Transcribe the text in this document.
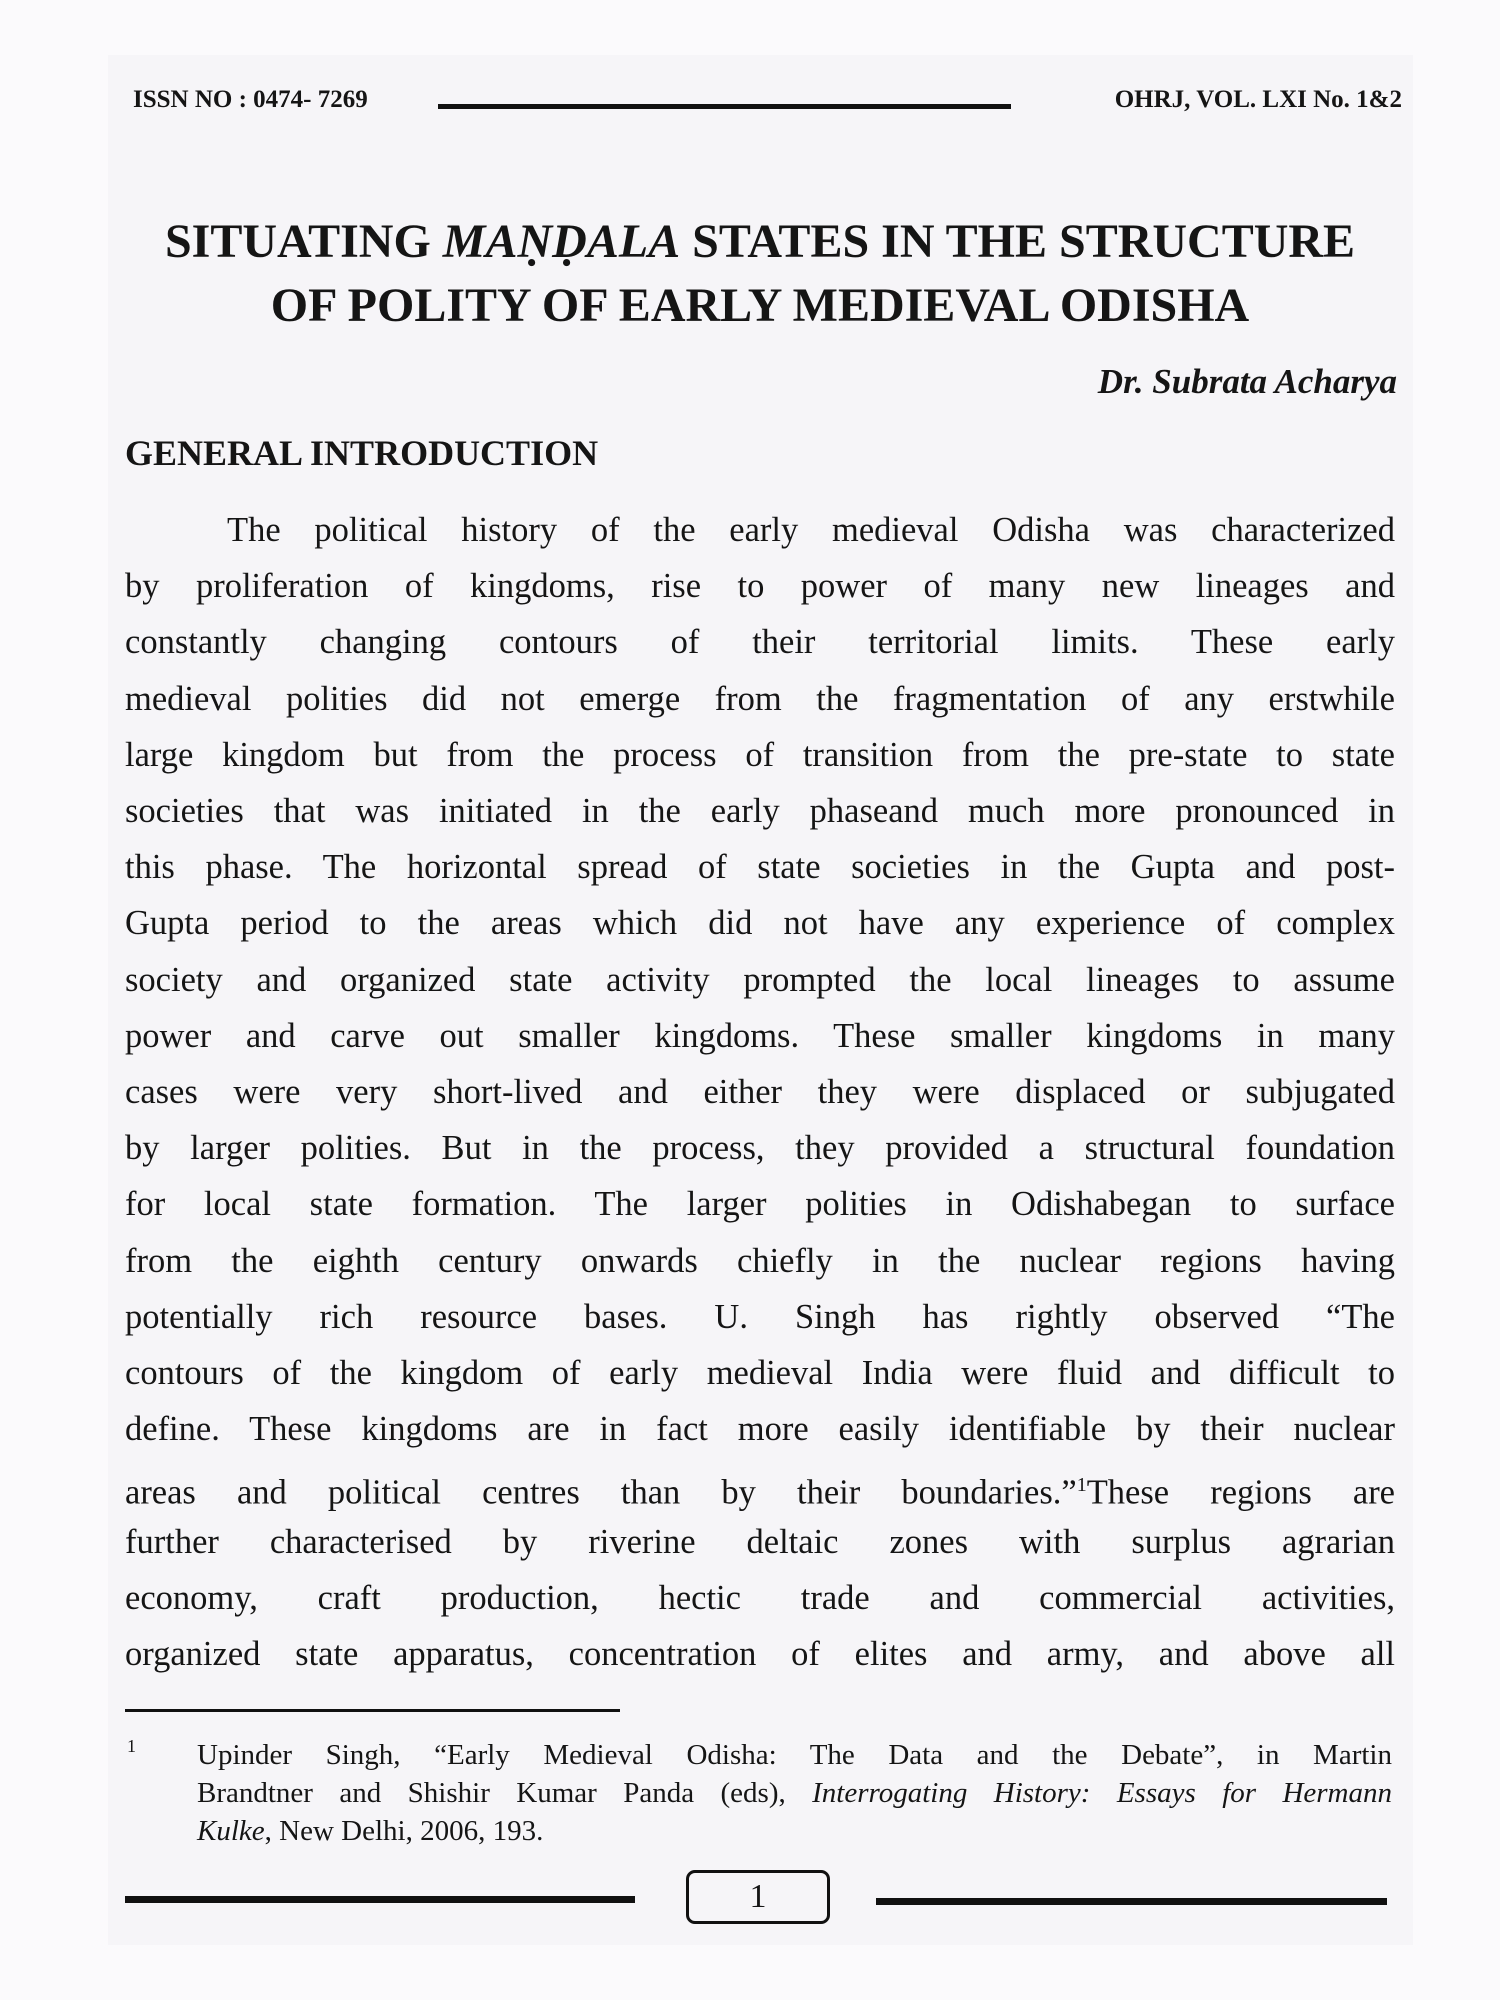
ISSN NO : 0474- 7269	OHRJ, VOL. LXI No. 1&2
SITUATING MAṆḌALA STATES IN THE STRUCTURE
OF POLITY OF EARLY MEDIEVAL ODISHA
Dr. Subrata Acharya
GENERAL INTRODUCTION
The political history of the early medieval Odisha was characterized
by proliferation of kingdoms, rise to power of many new lineages and
constantly changing contours of their territorial limits. These early
medieval polities did not emerge from the fragmentation of any erstwhile
large kingdom but from the process of transition from the pre-state to state
societies that was initiated in the early phaseand much more pronounced in
this phase. The horizontal spread of state societies in the Gupta and post-
Gupta period to the areas which did not have any experience of complex
society and organized state activity prompted the local lineages to assume
power and carve out smaller kingdoms. These smaller kingdoms in many
cases were very short-lived and either they were displaced or subjugated
by larger polities. But in the process, they provided a structural foundation
for local state formation. The larger polities in Odishabegan to surface
from the eighth century onwards chiefly in the nuclear regions having
potentially rich resource bases. U. Singh has rightly observed “The
contours of the kingdom of early medieval India were fluid and difficult to
define. These kingdoms are in fact more easily identifiable by their nuclear
areas and political centres than by their boundaries.”$^1$These regions are
further characterised by riverine deltaic zones with surplus agrarian
economy, craft production, hectic trade and commercial activities,
organized state apparatus, concentration of elites and army, and above all
1 Upinder Singh, “Early Medieval Odisha: The Data and the Debate”, in Martin
Brandtner and Shishir Kumar Panda (eds), Interrogating History: Essays for Hermann
Kulke, New Delhi, 2006, 193.
1
